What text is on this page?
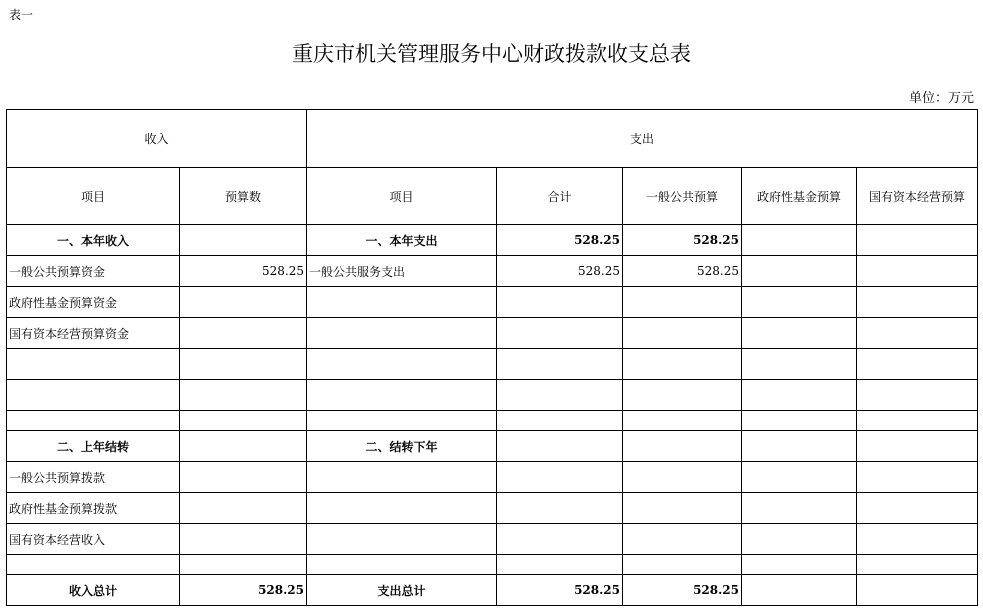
表一
重庆市机关管理服务中心财政拨款收支总表
单位：万元
收入		支出				
项目	预算数	项目	合计	一般公共预算	政府性基金预算	国有资本经营预算
一、本年收入		一、本年支出	528.25	528.25		
一般公共预算资金	528.25	一般公共服务支出	528.25	528.25		
政府性基金预算资金						
国有资本经营预算资金						

二、上年结转		二、结转下年				
一般公共预算拨款						
政府性基金预算拨款						
国有资本经营收入						

收入总计	528.25	支出总计	528.25	528.25		
